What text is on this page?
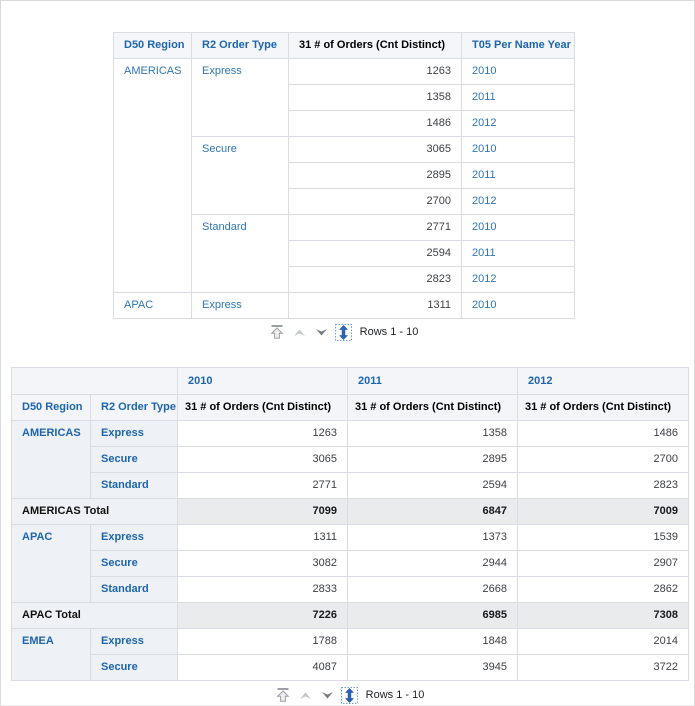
D50 Region	R2 Order Type	31 # of Orders (Cnt Distinct)	T05 Per Name Year
AMERICAS	Express	1263	2010
		1358	2011
		1486	2012
	Secure	3065	2010
		2895	2011
		2700	2012
	Standard	2771	2010
		2594	2011
		2823	2012
APAC	Express	1311	2010
Rows 1 - 10
		2010	2011	2012
D50 Region	R2 Order Type	31 # of Orders (Cnt Distinct)	31 # of Orders (Cnt Distinct)	31 # of Orders (Cnt Distinct)
AMERICAS	Express	1263	1358	1486
	Secure	3065	2895	2700
	Standard	2771	2594	2823
AMERICAS Total		7099	6847	7009
APAC	Express	1311	1373	1539
	Secure	3082	2944	2907
	Standard	2833	2668	2862
APAC Total		7226	6985	7308
EMEA	Express	1788	1848	2014
	Secure	4087	3945	3722
Rows 1 - 10
